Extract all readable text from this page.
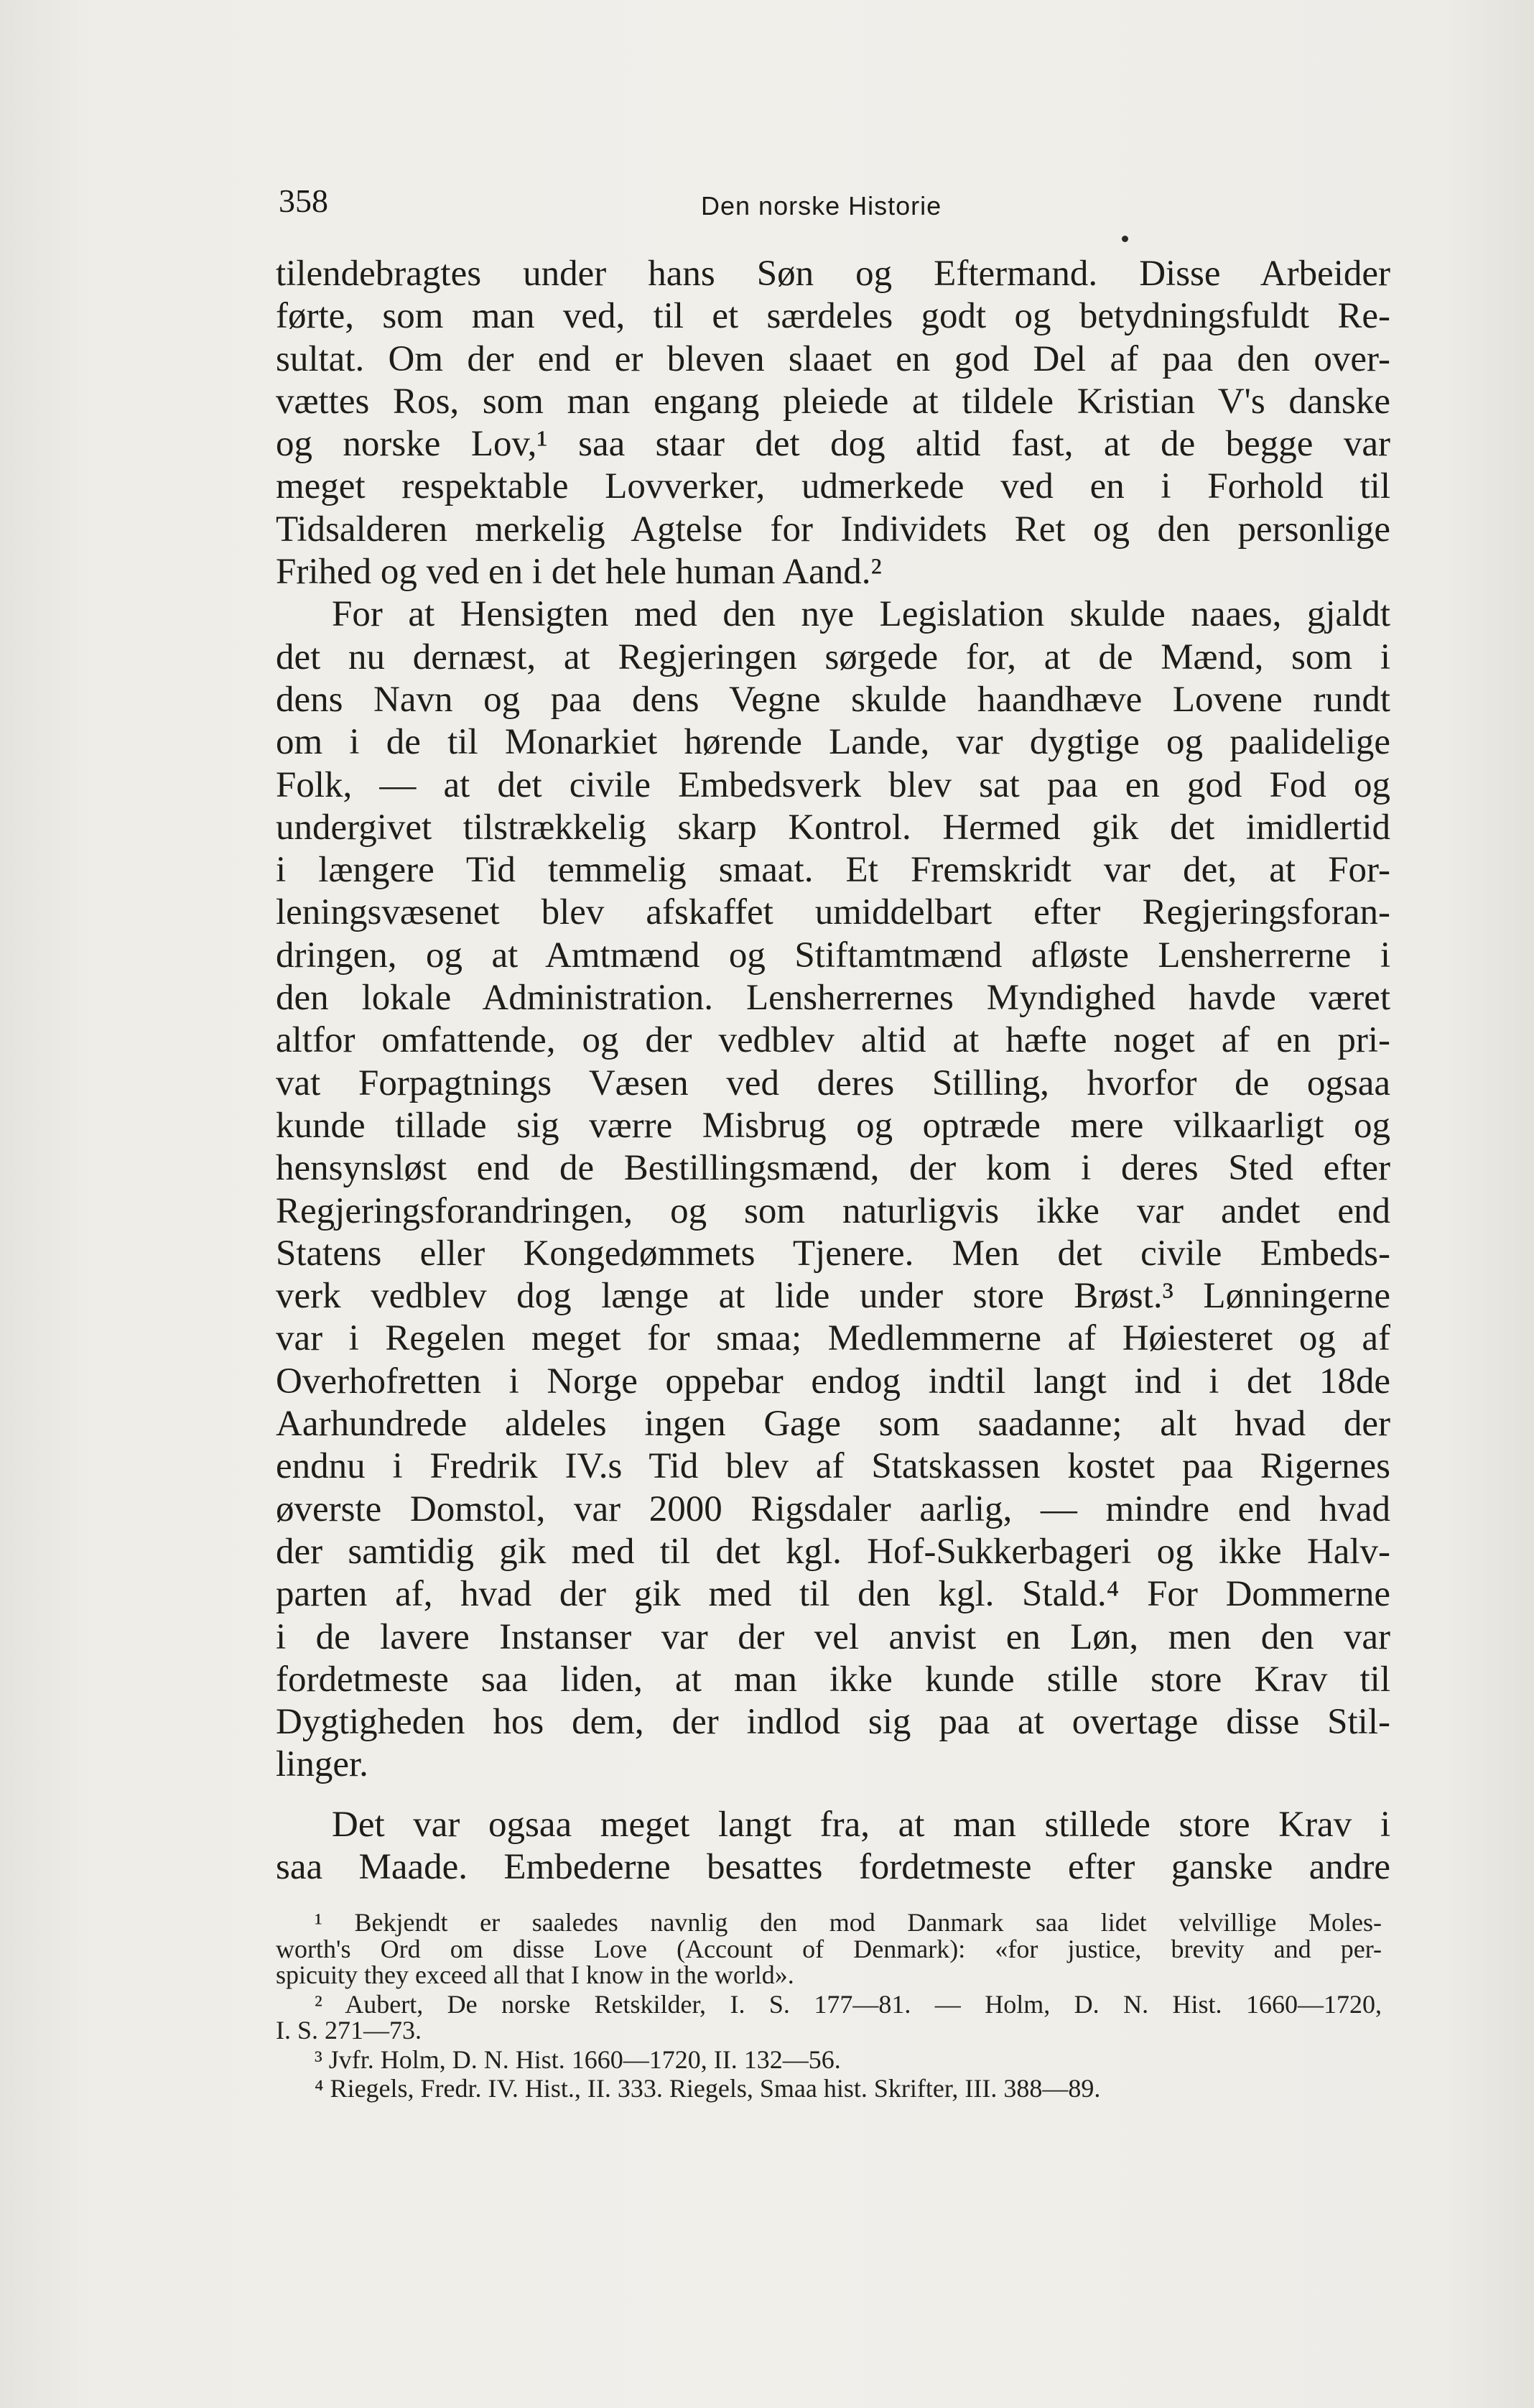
358	Den norske Historie
tilendebragtes under hans Søn og Eftermand. Disse Arbeider
førte, som man ved, til et særdeles godt og betydningsfuldt Re-
sultat. Om der end er bleven slaaet en god Del af paa den over-
vættes Ros, som man engang pleiede at tildele Kristian V's danske
og norske Lov,¹ saa staar det dog altid fast, at de begge var
meget respektable Lovverker, udmerkede ved en i Forhold til
Tidsalderen merkelig Agtelse for Individets Ret og den personlige
Frihed og ved en i det hele human Aand.²
For at Hensigten med den nye Legislation skulde naaes, gjaldt
det nu dernæst, at Regjeringen sørgede for, at de Mænd, som i
dens Navn og paa dens Vegne skulde haandhæve Lovene rundt
om i de til Monarkiet hørende Lande, var dygtige og paalidelige
Folk, — at det civile Embedsverk blev sat paa en god Fod og
undergivet tilstrækkelig skarp Kontrol. Hermed gik det imidlertid
i længere Tid temmelig smaat. Et Fremskridt var det, at For-
leningsvæsenet blev afskaffet umiddelbart efter Regjeringsforan-
dringen, og at Amtmænd og Stiftamtmænd afløste Lensherrerne i
den lokale Administration. Lensherrernes Myndighed havde været
altfor omfattende, og der vedblev altid at hæfte noget af en pri-
vat Forpagtnings Væsen ved deres Stilling, hvorfor de ogsaa
kunde tillade sig værre Misbrug og optræde mere vilkaarligt og
hensynsløst end de Bestillingsmænd, der kom i deres Sted efter
Regjeringsforandringen, og som naturligvis ikke var andet end
Statens eller Kongedømmets Tjenere. Men det civile Embeds-
verk vedblev dog længe at lide under store Brøst.³ Lønningerne
var i Regelen meget for smaa; Medlemmerne af Høiesteret og af
Overhofretten i Norge oppebar endog indtil langt ind i det 18de
Aarhundrede aldeles ingen Gage som saadanne; alt hvad der
endnu i Fredrik IV.s Tid blev af Statskassen kostet paa Rigernes
øverste Domstol, var 2000 Rigsdaler aarlig, — mindre end hvad
der samtidig gik med til det kgl. Hof-Sukkerbageri og ikke Halv-
parten af, hvad der gik med til den kgl. Stald.⁴ For Dommerne
i de lavere Instanser var der vel anvist en Løn, men den var
fordetmeste saa liden, at man ikke kunde stille store Krav til
Dygtigheden hos dem, der indlod sig paa at overtage disse Stil-
linger.
Det var ogsaa meget langt fra, at man stillede store Krav i
saa Maade. Embederne besattes fordetmeste efter ganske andre
¹ Bekjendt er saaledes navnlig den mod Danmark saa lidet velvillige Moles-
worth's Ord om disse Love (Account of Denmark): «for justice, brevity and per-
spicuity they exceed all that I know in the world».
² Aubert, De norske Retskilder, I. S. 177—81. — Holm, D. N. Hist. 1660—1720,
I. S. 271—73.
³ Jvfr. Holm, D. N. Hist. 1660—1720, II. 132—56.
⁴ Riegels, Fredr. IV. Hist., II. 333. Riegels, Smaa hist. Skrifter, III. 388—89.
